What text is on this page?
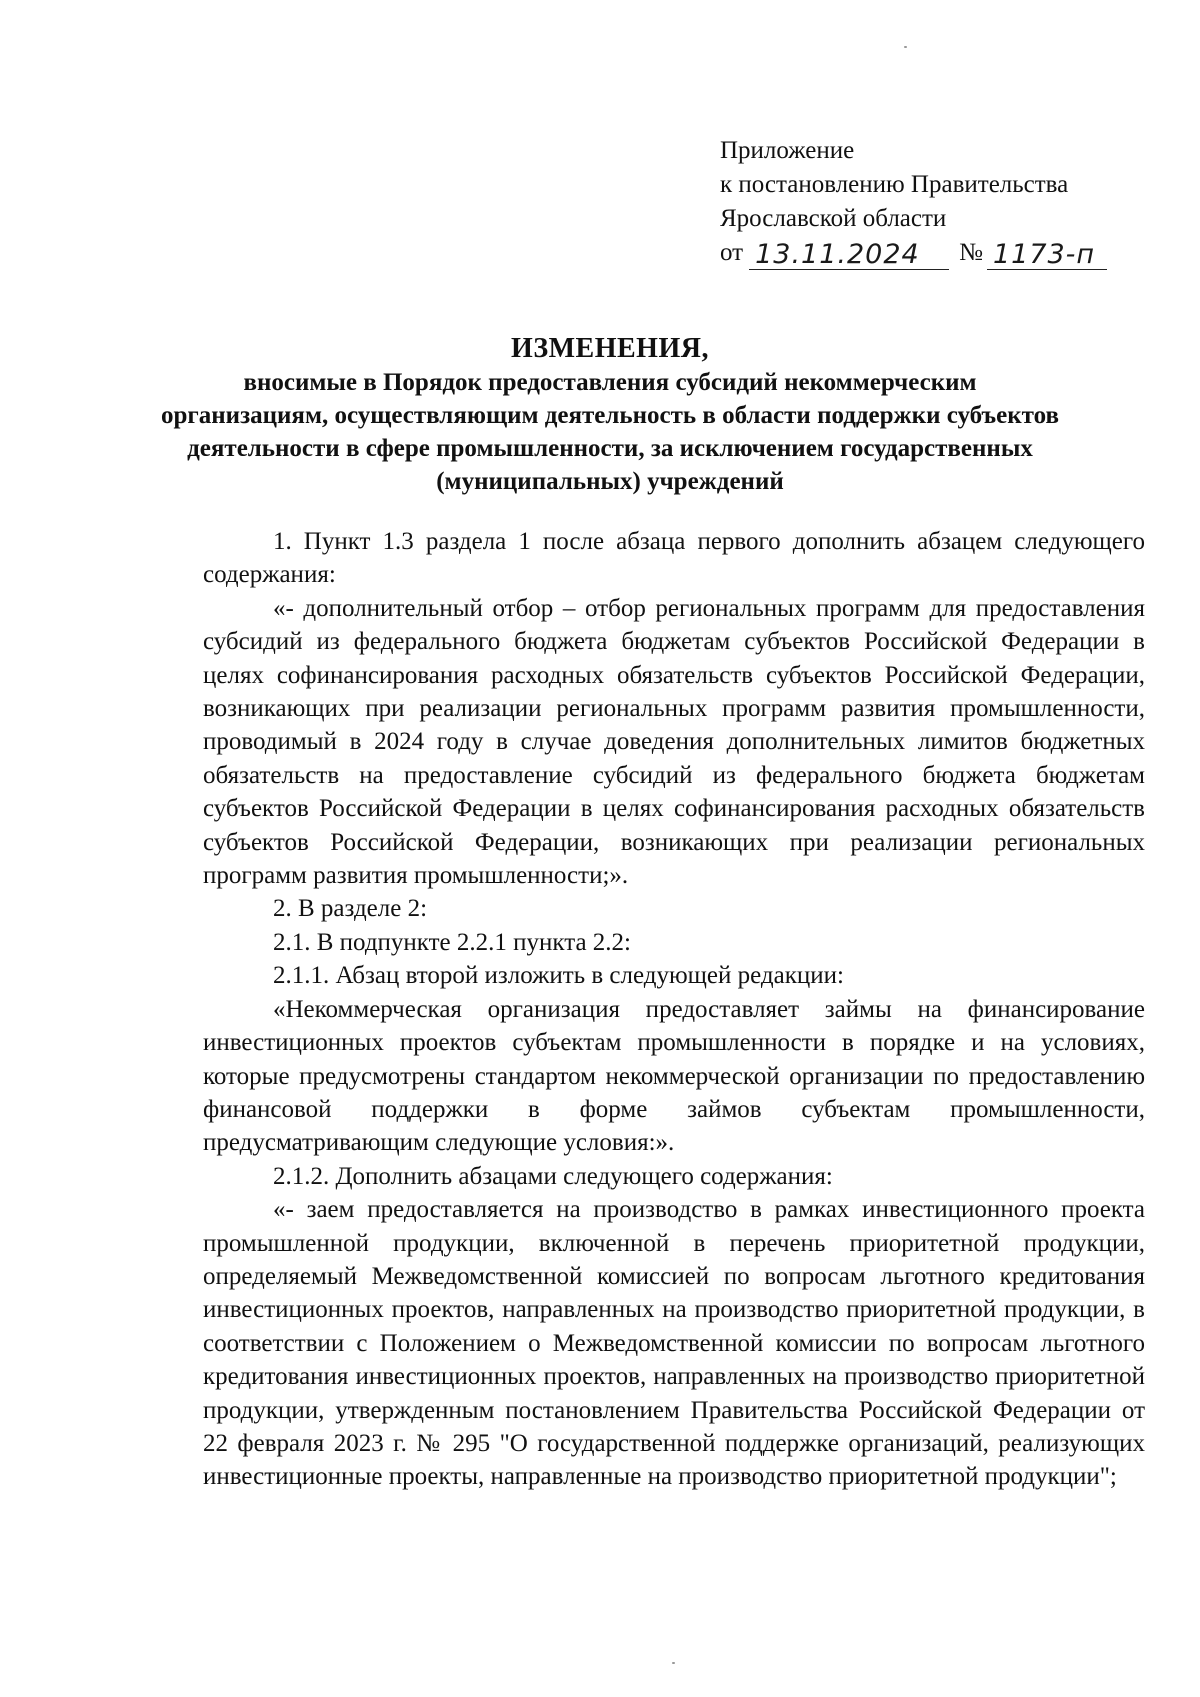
Приложение
к постановлению Правительства
Ярославской области
от 13.11.2024	№ 1173-п
ИЗМЕНЕНИЯ,
вносимые в Порядок предоставления субсидий некоммерческим организациям, осуществляющим деятельность в области поддержки субъектов деятельности в сфере промышленности, за исключением государственных (муниципальных) учреждений

1. Пункт 1.3 раздела 1 после абзаца первого дополнить абзацем следующего содержания:

«- дополнительный отбор – отбор региональных программ для предоставления субсидий из федерального бюджета бюджетам субъектов Российской Федерации в целях софинансирования расходных обязательств субъектов Российской Федерации, возникающих при реализации региональных программ развития промышленности, проводимый в 2024 году в случае доведения дополнительных лимитов бюджетных обязательств на предоставление субсидий из федерального бюджета бюджетам субъектов Российской Федерации в целях софинансирования расходных обязательств субъектов Российской Федерации, возникающих при реализации региональных программ развития промышленности;».

2. В разделе 2:

2.1. В подпункте 2.2.1 пункта 2.2:

2.1.1. Абзац второй изложить в следующей редакции:

«Некоммерческая организация предоставляет займы на финансирование инвестиционных проектов субъектам промышленности в порядке и на условиях, которые предусмотрены стандартом некоммерческой организации по предоставлению финансовой поддержки в форме займов субъектам промышленности, предусматривающим следующие условия:».

2.1.2. Дополнить абзацами следующего содержания:

«- заем предоставляется на производство в рамках инвестиционного проекта промышленной продукции, включенной в перечень приоритетной продукции, определяемый Межведомственной комиссией по вопросам льготного кредитования инвестиционных проектов, направленных на производство приоритетной продукции, в соответствии с Положением о Межведомственной комиссии по вопросам льготного кредитования инвестиционных проектов, направленных на производство приоритетной продукции, утвержденным постановлением Правительства Российской Федерации от 22 февраля 2023 г. № 295 "О государственной поддержке организаций, реализующих инвестиционные проекты, направленные на производство приоритетной продукции";
